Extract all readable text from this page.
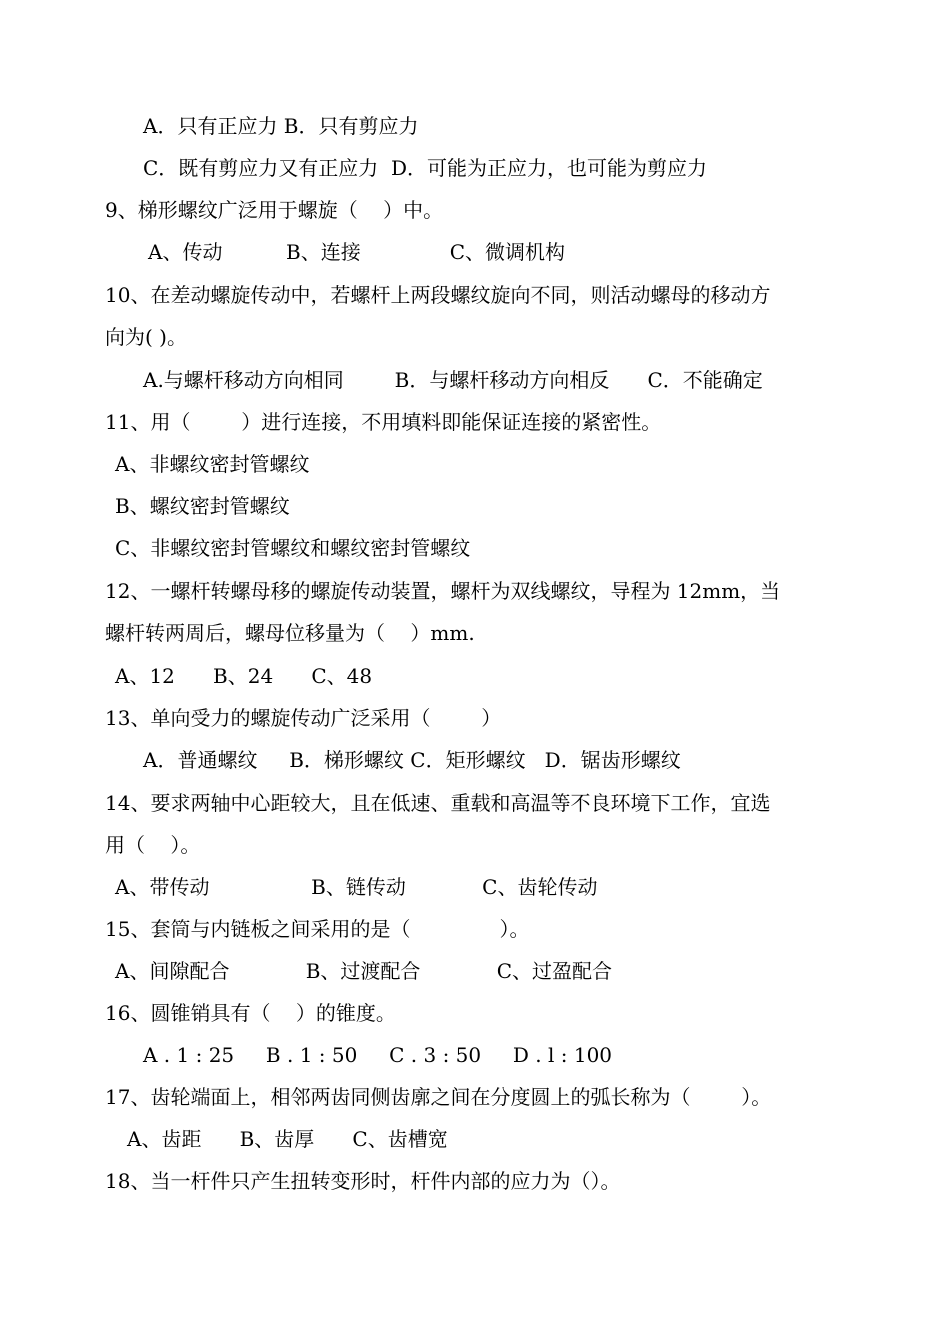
A．只有正应力 B．只有剪应力
C．既有剪应力又有正应力  D．可能为正应力，也可能为剪应力
9、梯形螺纹广泛用于螺旋（    ）中。
A、传动          B、连接              C、微调机构
10、在差动螺旋传动中，若螺杆上两段螺纹旋向不同，则活动螺母的移动方
向为( )。
A.与螺杆移动方向相同        B．与螺杆移动方向相反      C．不能确定
11、用（        ）进行连接，不用填料即能保证连接的紧密性。
A、非螺纹密封管螺纹
B、螺纹密封管螺纹
C、非螺纹密封管螺纹和螺纹密封管螺纹
12、一螺杆转螺母移的螺旋传动装置，螺杆为双线螺纹，导程为 12mm，当
螺杆转两周后，螺母位移量为（    ）mm.
A、12      B、24      C、48
13、单向受力的螺旋传动广泛采用（        ）
A．普通螺纹     B．梯形螺纹 C．矩形螺纹   D．锯齿形螺纹
14、要求两轴中心距较大，且在低速、重载和高温等不良环境下工作，宜选
用（    ）。
A、带传动                B、链传动            C、齿轮传动
15、套筒与内链板之间采用的是（              ）。
A、间隙配合            B、过渡配合            C、过盈配合
16、圆锥销具有（    ）的锥度。
A . 1 : 25     B . 1 : 50     C . 3 : 50     D . l : 100
17、齿轮端面上，相邻两齿同侧齿廓之间在分度圆上的弧长称为（        ）。
A、齿距      B、齿厚      C、齿槽宽
18、当一杆件只产生扭转变形时，杆件内部的应力为（）。
